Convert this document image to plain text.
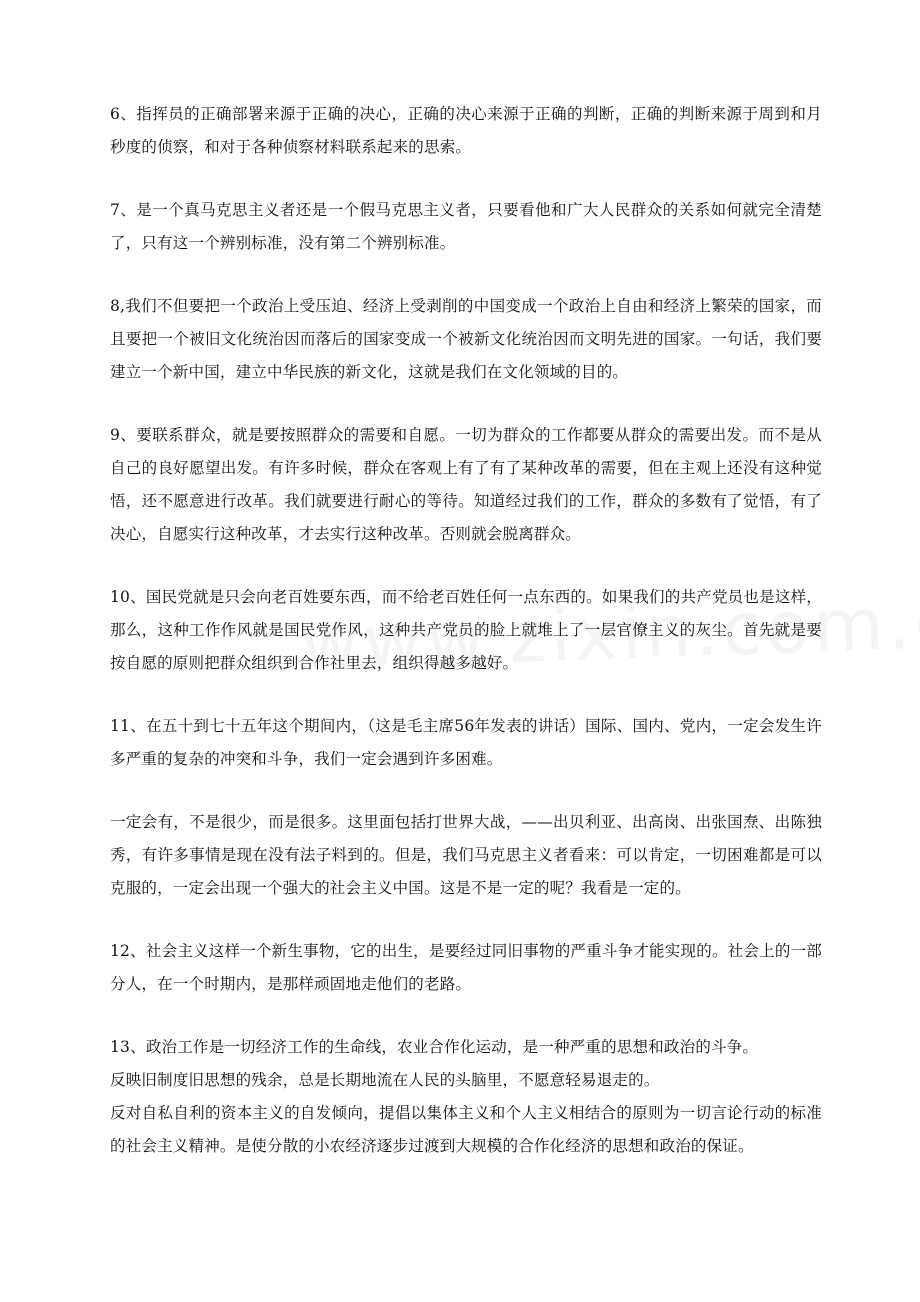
6、指挥员的正确部署来源于正确的决心，正确的决心来源于正确的判断，正确的判断来源于周到和月秒度的侦察，和对于各种侦察材料联系起来的思索。

7、是一个真马克思主义者还是一个假马克思主义者，只要看他和广大人民群众的关系如何就完全清楚了，只有这一个辨别标准，没有第二个辨别标准。

8,我们不但要把一个政治上受压迫、经济上受剥削的中国变成一个政治上自由和经济上繁荣的国家，而且要把一个被旧文化统治因而落后的国家变成一个被新文化统治因而文明先进的国家。一句话，我们要建立一个新中国，建立中华民族的新文化，这就是我们在文化领域的目的。

9、要联系群众，就是要按照群众的需要和自愿。一切为群众的工作都要从群众的需要出发。而不是从自己的良好愿望出发。有许多时候，群众在客观上有了有了某种改革的需要，但在主观上还没有这种觉悟，还不愿意进行改革。我们就要进行耐心的等待。知道经过我们的工作，群众的多数有了觉悟，有了决心，自愿实行这种改革，才去实行这种改革。否则就会脱离群众。

10、国民党就是只会向老百姓要东西，而不给老百姓任何一点东西的。如果我们的共产党员也是这样，那么，这种工作作风就是国民党作风，这种共产党员的脸上就堆上了一层官僚主义的灰尘。首先就是要按自愿的原则把群众组织到合作社里去，组织得越多越好。

11、在五十到七十五年这个期间内，（这是毛主席56年发表的讲话）国际、国内、党内，一定会发生许多严重的复杂的冲突和斗争，我们一定会遇到许多困难。

一定会有，不是很少，而是很多。这里面包括打世界大战，——出贝利亚、出高岗、出张国焘、出陈独秀，有许多事情是现在没有法子料到的。但是，我们马克思主义者看来：可以肯定，一切困难都是可以克服的，一定会出现一个强大的社会主义中国。这是不是一定的呢？我看是一定的。

12、社会主义这样一个新生事物，它的出生，是要经过同旧事物的严重斗争才能实现的。社会上的一部分人，在一个时期内，是那样顽固地走他们的老路。

13、政治工作是一切经济工作的生命线，农业合作化运动，是一种严重的思想和政治的斗争。

反映旧制度旧思想的残余，总是长期地流在人民的头脑里，不愿意轻易退走的。

反对自私自利的资本主义的自发倾向，提倡以集体主义和个人主义相结合的原则为一切言论行动的标准的社会主义精神。是使分散的小农经济逐步过渡到大规模的合作化经济的思想和政治的保证。
